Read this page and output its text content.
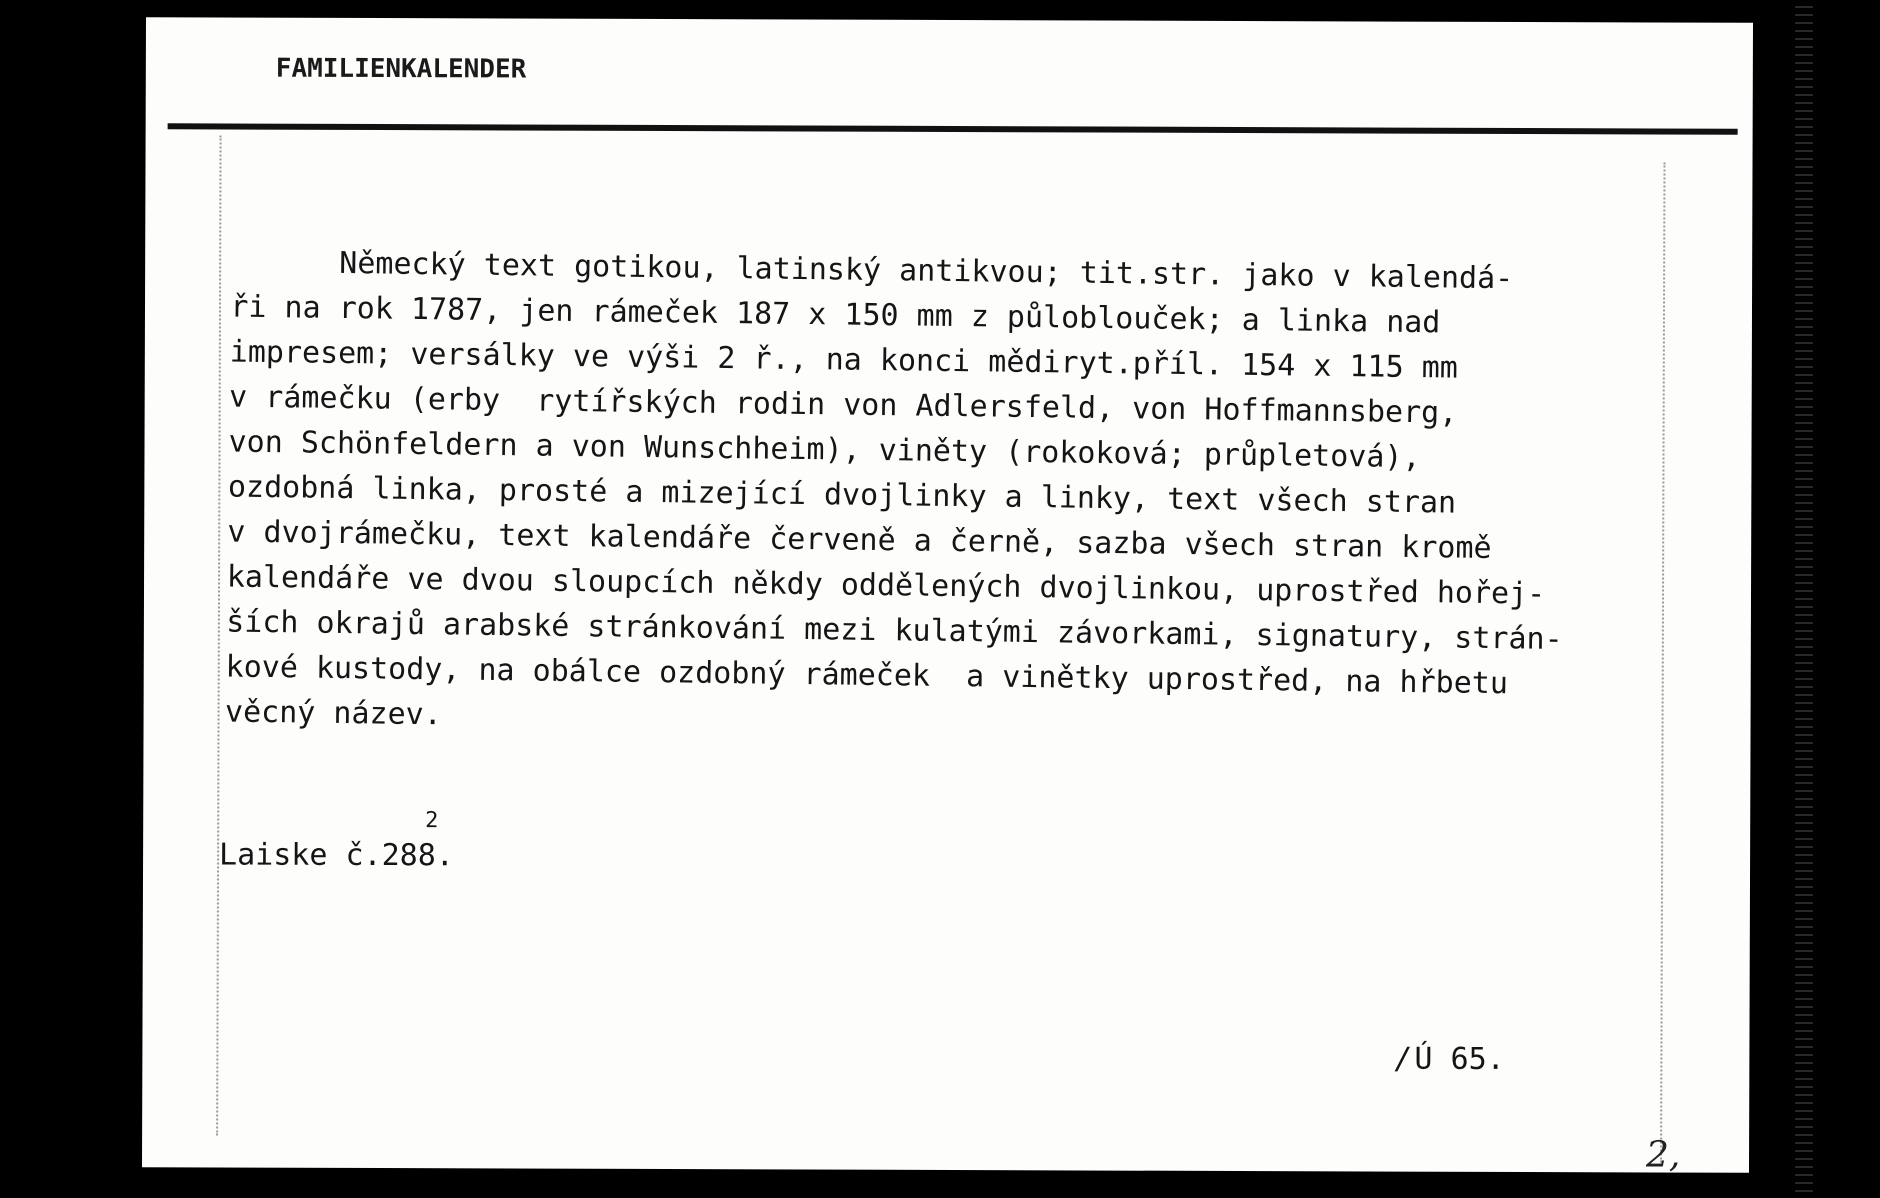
FAMILIENKALENDER
Německý text gotikou, latinský antikvou; tit.str. jako v kalendá-
ři na rok 1787, jen rámeček 187 x 150 mm z půloblouček; a linka nad
impresem; versálky ve výši 2 ř., na konci mědiryt.příl. 154 x 115 mm
v rámečku (erby  rytířských rodin von Adlersfeld, von Hoffmannsberg,
von Schönfeldern a von Wunschheim), viněty (rokoková; průpletová),
ozdobná linka, prosté a mizející dvojlinky a linky, text všech stran
v dvojrámečku, text kalendáře červeně a černě, sazba všech stran kromě
kalendáře ve dvou sloupcích někdy oddělených dvojlinkou, uprostřed hořej-
ších okrajů arabské stránkování mezi kulatými závorkami, signatury, strán-
kové kustody, na obálce ozdobný rámeček  a vinětky uprostřed, na hřbetu
věcný název.
Laiske č.288.
2
/Ú 65.
2,
